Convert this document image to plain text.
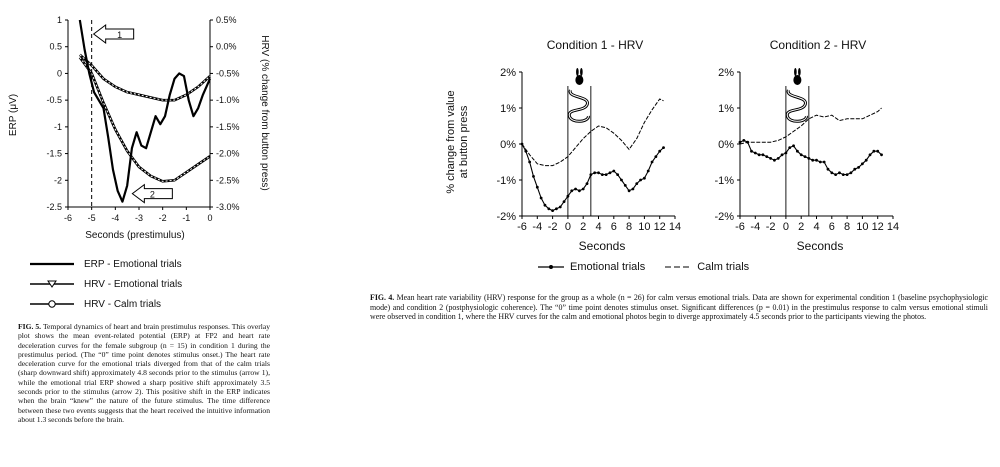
ERP (μV)	HRV (% change from button press)
Seconds (prestimulus)
1
0.5
0
-0.5
-1
-1.5
-2
-2.5
0.5%
0.0%
-0.5%
-1.0%
-1.5%
-2.0%
-2.5%
-3.0%
-6 -5 -4 -3 -2 -1 0
1
2
ERP - Emotional trials
HRV - Emotional trials
HRV - Calm trials
FIG. 5. Temporal dynamics of heart and brain prestimulus responses. This overlay plot shows the mean event-related potential (ERP) at FP2 and heart rate deceleration curves for the female subgroup (n = 15) in condition 1 during the prestimulus period. (The “0” time point denotes stimulus onset.) The heart rate deceleration curve for the emotional trials diverged from that of the calm trials (sharp downward shift) approximately 4.8 seconds prior to the stimulus (arrow 1), while the emotional trial ERP showed a sharp positive shift approximately 3.5 seconds prior to the stimulus (arrow 2). This positive shift in the ERP indicates when the brain “knew” the nature of the future stimulus. The time difference between these two events suggests that the heart received the intuitive information about 1.3 seconds before the brain.
% change from value at button press
Condition 1 - HRV	Condition 2 - HRV
Seconds	Seconds
2%
1%
0%
-1%
-2%
-6 -4 -2 0 2 4 6 8 10 12 14
2%
1%
0%
-1%
-2%
-6 -4 -2 0 2 4 6 8 10 12 14
Emotional trials	Calm trials
FIG. 4. Mean heart rate variability (HRV) response for the group as a whole (n = 26) for calm versus emotional trials. Data are shown for experimental condition 1 (baseline psychophysiologic mode) and condition 2 (postphysiologic coherence). The “0” time point denotes stimulus onset. Significant differences (p = 0.01) in the prestimulus response to calm versus emotional stimuli were observed in condition 1, where the HRV curves for the calm and emotional photos begin to diverge approximately 4.5 seconds prior to the participants viewing the photos.
